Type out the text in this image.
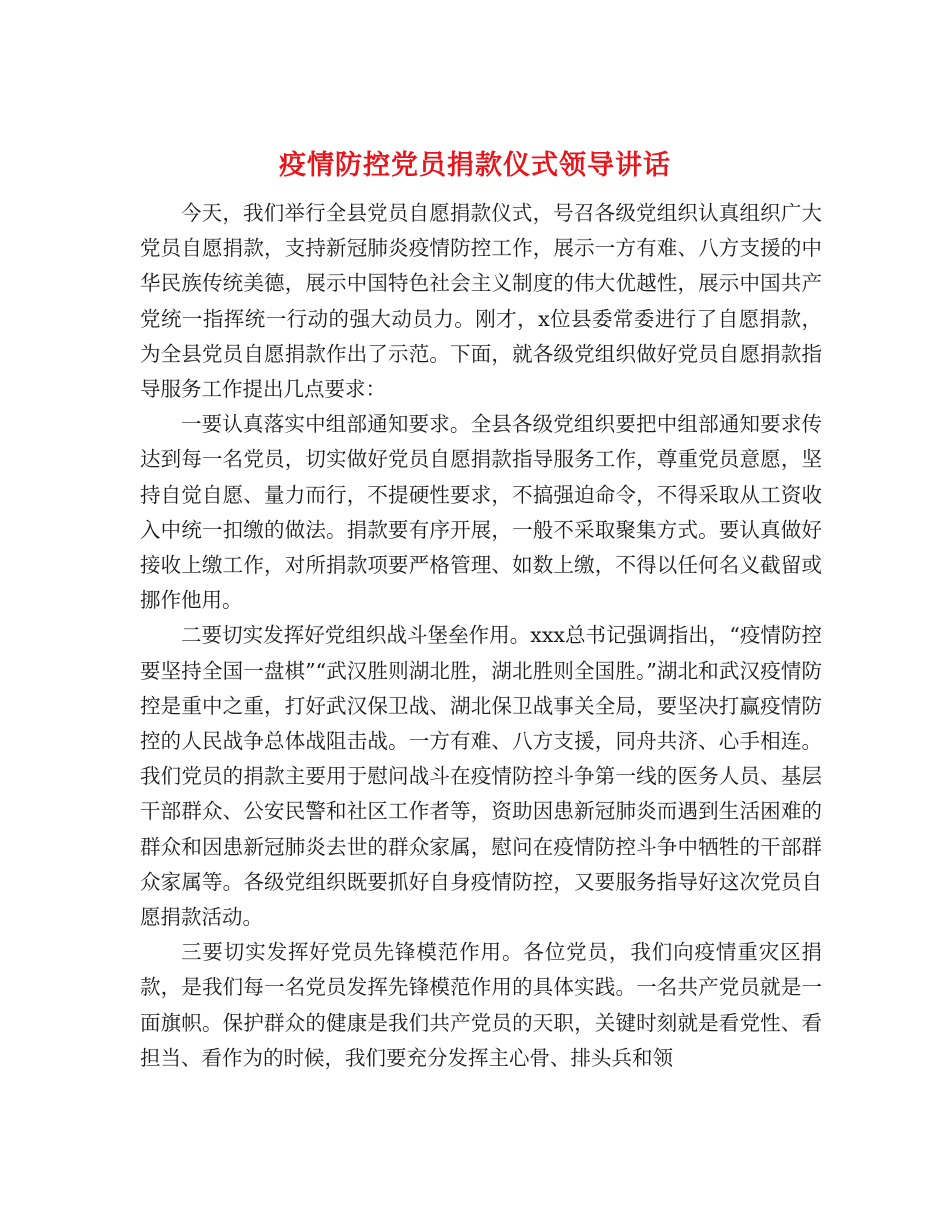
疫情防控党员捐款仪式领导讲话

今天，我们举行全县党员自愿捐款仪式，号召各级党组织认真组织广大党员自愿捐款，支持新冠肺炎疫情防控工作，展示一方有难、八方支援的中华民族传统美德，展示中国特色社会主义制度的伟大优越性，展示中国共产党统一指挥统一行动的强大动员力。刚才，x位县委常委进行了自愿捐款，为全县党员自愿捐款作出了示范。下面，就各级党组织做好党员自愿捐款指导服务工作提出几点要求：

一要认真落实中组部通知要求。全县各级党组织要把中组部通知要求传达到每一名党员，切实做好党员自愿捐款指导服务工作，尊重党员意愿，坚持自觉自愿、量力而行，不提硬性要求，不搞强迫命令，不得采取从工资收入中统一扣缴的做法。捐款要有序开展，一般不采取聚集方式。要认真做好接收上缴工作，对所捐款项要严格管理、如数上缴，不得以任何名义截留或挪作他用。

二要切实发挥好党组织战斗堡垒作用。xxx总书记强调指出，“疫情防控要坚持全国一盘棋”“武汉胜则湖北胜，湖北胜则全国胜。”湖北和武汉疫情防控是重中之重，打好武汉保卫战、湖北保卫战事关全局，要坚决打赢疫情防控的人民战争总体战阻击战。一方有难、八方支援，同舟共济、心手相连。我们党员的捐款主要用于慰问战斗在疫情防控斗争第一线的医务人员、基层干部群众、公安民警和社区工作者等，资助因患新冠肺炎而遇到生活困难的群众和因患新冠肺炎去世的群众家属，慰问在疫情防控斗争中牺牲的干部群众家属等。各级党组织既要抓好自身疫情防控，又要服务指导好这次党员自愿捐款活动。

三要切实发挥好党员先锋模范作用。各位党员，我们向疫情重灾区捐款，是我们每一名党员发挥先锋模范作用的具体实践。一名共产党员就是一面旗帜。保护群众的健康是我们共产党员的天职，关键时刻就是看党性、看担当、看作为的时候，我们要充分发挥主心骨、排头兵和领
